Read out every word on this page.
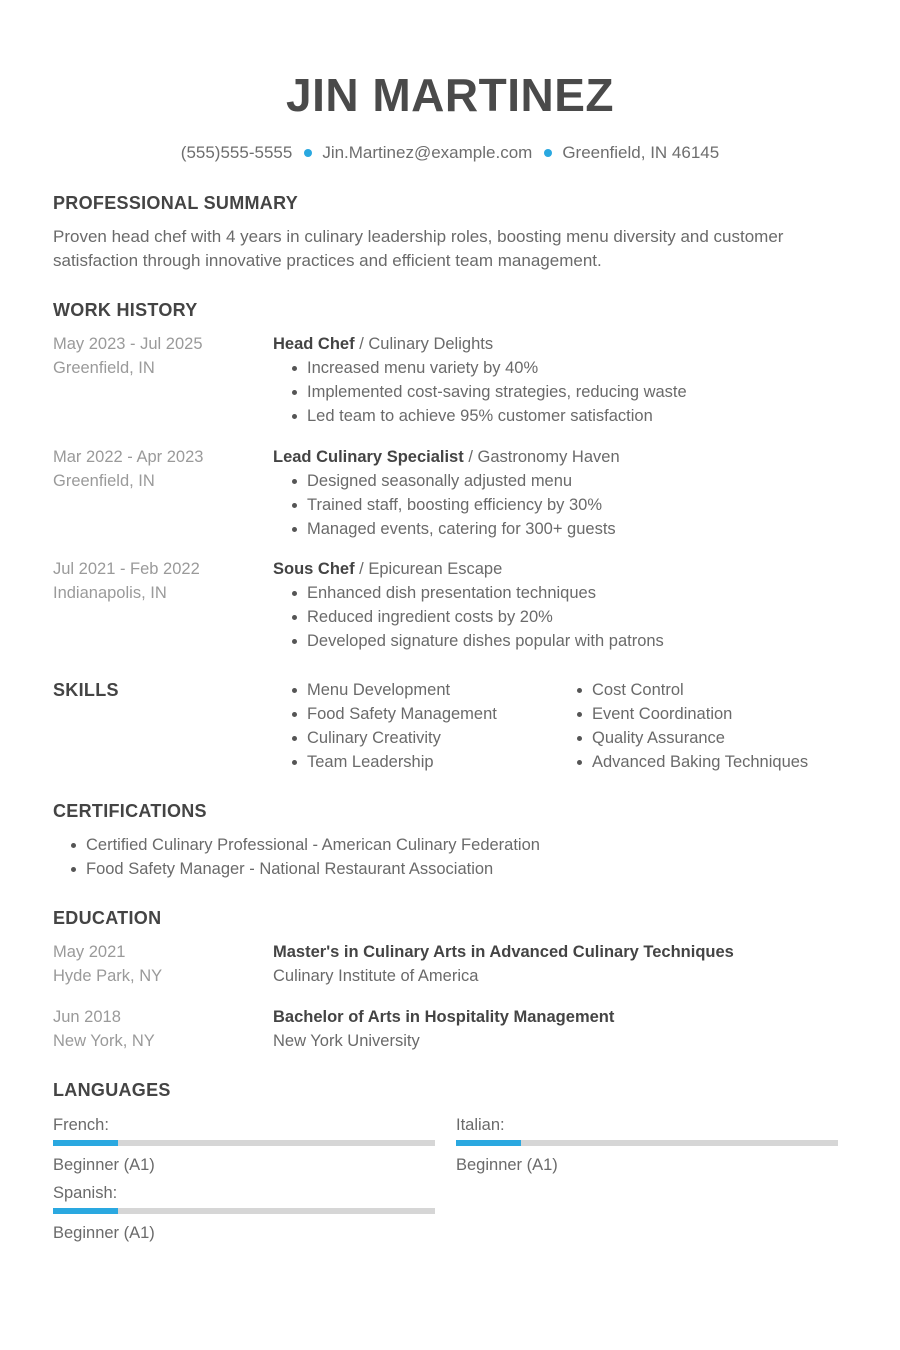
JIN MARTINEZ
(555)555-5555 Jin.Martinez@example.com Greenfield, IN 46145
PROFESSIONAL SUMMARY
Proven head chef with 4 years in culinary leadership roles, boosting menu diversity and customer
satisfaction through innovative practices and efficient team management.
WORK HISTORY
May 2023 - Jul 2025
Greenfield, IN
Head Chef / Culinary Delights
Increased menu variety by 40%
Implemented cost-saving strategies, reducing waste
Led team to achieve 95% customer satisfaction
Mar 2022 - Apr 2023
Greenfield, IN
Lead Culinary Specialist / Gastronomy Haven
Designed seasonally adjusted menu
Trained staff, boosting efficiency by 30%
Managed events, catering for 300+ guests
Jul 2021 - Feb 2022
Indianapolis, IN
Sous Chef / Epicurean Escape
Enhanced dish presentation techniques
Reduced ingredient costs by 20%
Developed signature dishes popular with patrons
SKILLS	Menu Development
Food Safety Management
Culinary Creativity
Team Leadership
Cost Control
Event Coordination
Quality Assurance
Advanced Baking Techniques
CERTIFICATIONS
Certified Culinary Professional - American Culinary Federation
Food Safety Manager - National Restaurant Association
EDUCATION
May 2021
Hyde Park, NY
Master's in Culinary Arts in Advanced Culinary Techniques
Culinary Institute of America
Jun 2018
New York, NY
Bachelor of Arts in Hospitality Management
New York University
LANGUAGES
French:
Beginner (A1)
Italian:
Beginner (A1)
Spanish:
Beginner (A1)
